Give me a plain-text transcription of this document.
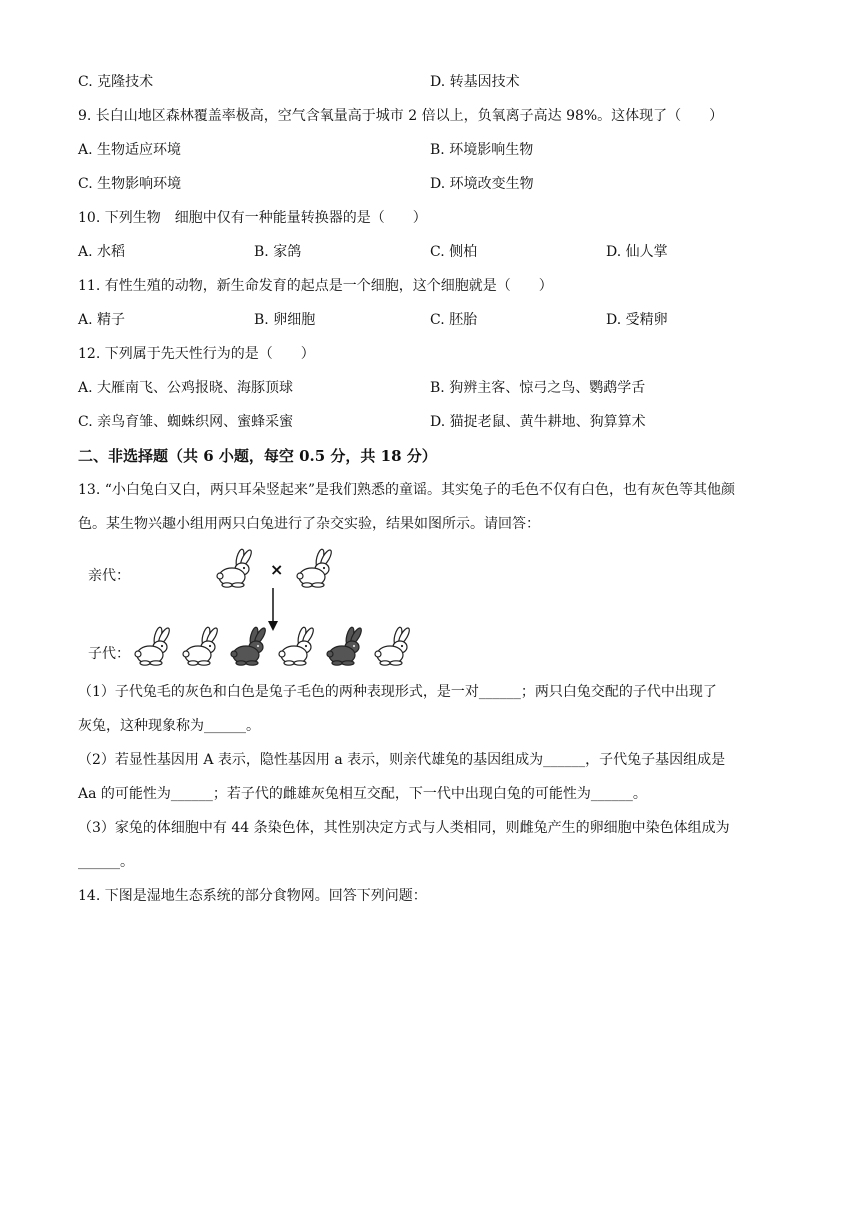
C. 克隆技术	D. 转基因技术
9. 长白山地区森林覆盖率极高，空气含氧量高于城市 2 倍以上，负氧离子高达 98%。这体现了（　　）
A. 生物适应环境	B. 环境影响生物
C. 生物影响环境	D. 环境改变生物
10. 下列生物　细胞中仅有一种能量转换器的是（　　）
A. 水稻	B. 家鸽	C. 侧柏	D. 仙人掌
11. 有性生殖的动物，新生命发育的起点是一个细胞，这个细胞就是（　　）
A. 精子	B. 卵细胞	C. 胚胎	D. 受精卵
12. 下列属于先天性行为的是（　　）
A. 大雁南飞、公鸡报晓、海豚顶球	B. 狗辨主客、惊弓之鸟、鹦鹉学舌
C. 亲鸟育雏、蜘蛛织网、蜜蜂采蜜	D. 猫捉老鼠、黄牛耕地、狗算算术
二、非选择题（共 6 小题，每空 0.5 分，共 18 分）
13. “小白兔白又白，两只耳朵竖起来”是我们熟悉的童谣。其实兔子的毛色不仅有白色，也有灰色等其他颜
色。某生物兴趣小组用两只白兔进行了杂交实验，结果如图所示。请回答：
亲代：
子代：
×
（1）子代兔毛的灰色和白色是兔子毛色的两种表现形式，是一对______；两只白兔交配的子代中出现了
灰兔，这种现象称为______。
（2）若显性基因用 A 表示，隐性基因用 a 表示，则亲代雄兔的基因组成为______，子代兔子基因组成是
Aa 的可能性为______；若子代的雌雄灰兔相互交配，下一代中出现白兔的可能性为______。
（3）家兔的体细胞中有 44 条染色体，其性别决定方式与人类相同，则雌兔产生的卵细胞中染色体组成为
______。
14. 下图是湿地生态系统的部分食物网。回答下列问题：
